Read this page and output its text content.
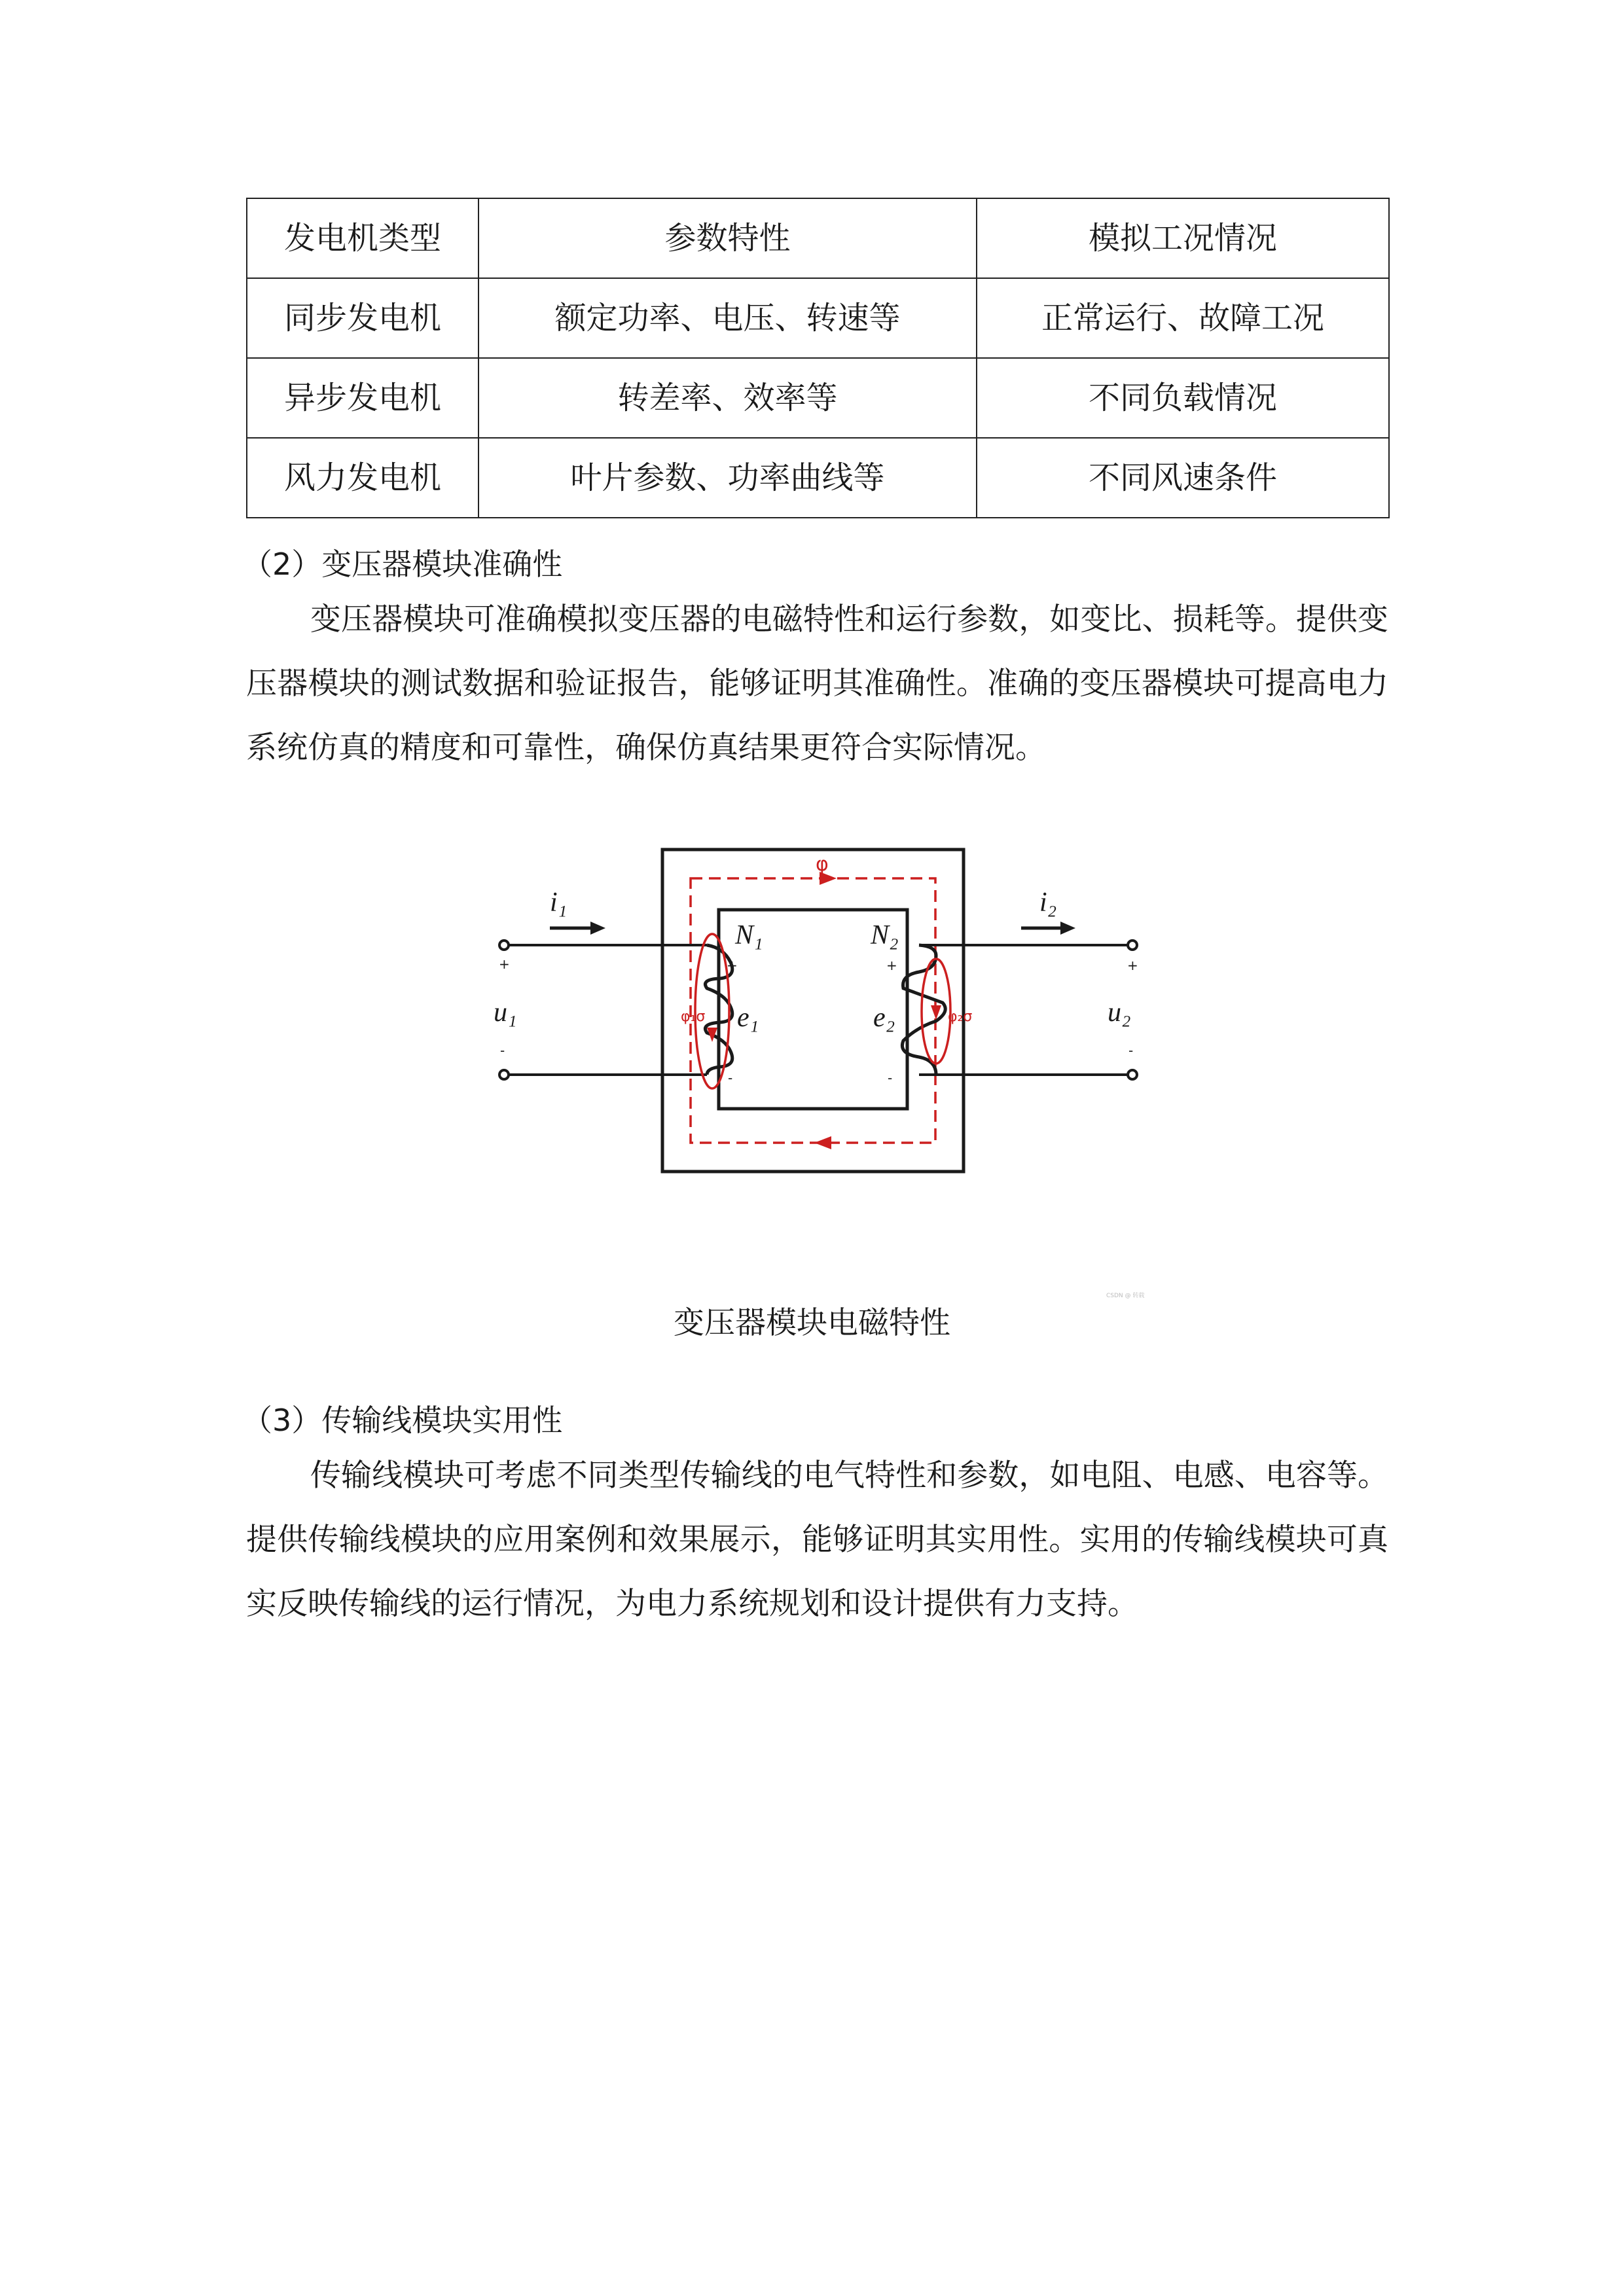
发电机类型	参数特性	模拟工况情况
同步发电机	额定功率、电压、转速等	正常运行、故障工况
异步发电机	转差率、效率等	不同负载情况
风力发电机	叶片参数、功率曲线等	不同风速条件
（2）变压器模块准确性
变压器模块可准确模拟变压器的电磁特性和运行参数，如变比、损耗等。提供变压器模块的测试数据和验证报告，能够证明其准确性。准确的变压器模块可提高电力系统仿真的精度和可靠性，确保仿真结果更符合实际情况。
i₁	i₂
u₁	u₂
N₁	N₂
e₁	e₂
φ
φ₁σ	φ₂σ
+
-
+
-
+
-
+
-
CSDN @ 转载
变压器模块电磁特性
（3）传输线模块实用性
传输线模块可考虑不同类型传输线的电气特性和参数，如电阻、电感、电容等。提供传输线模块的应用案例和效果展示，能够证明其实用性。实用的传输线模块可真实反映传输线的运行情况，为电力系统规划和设计提供有力支持。
